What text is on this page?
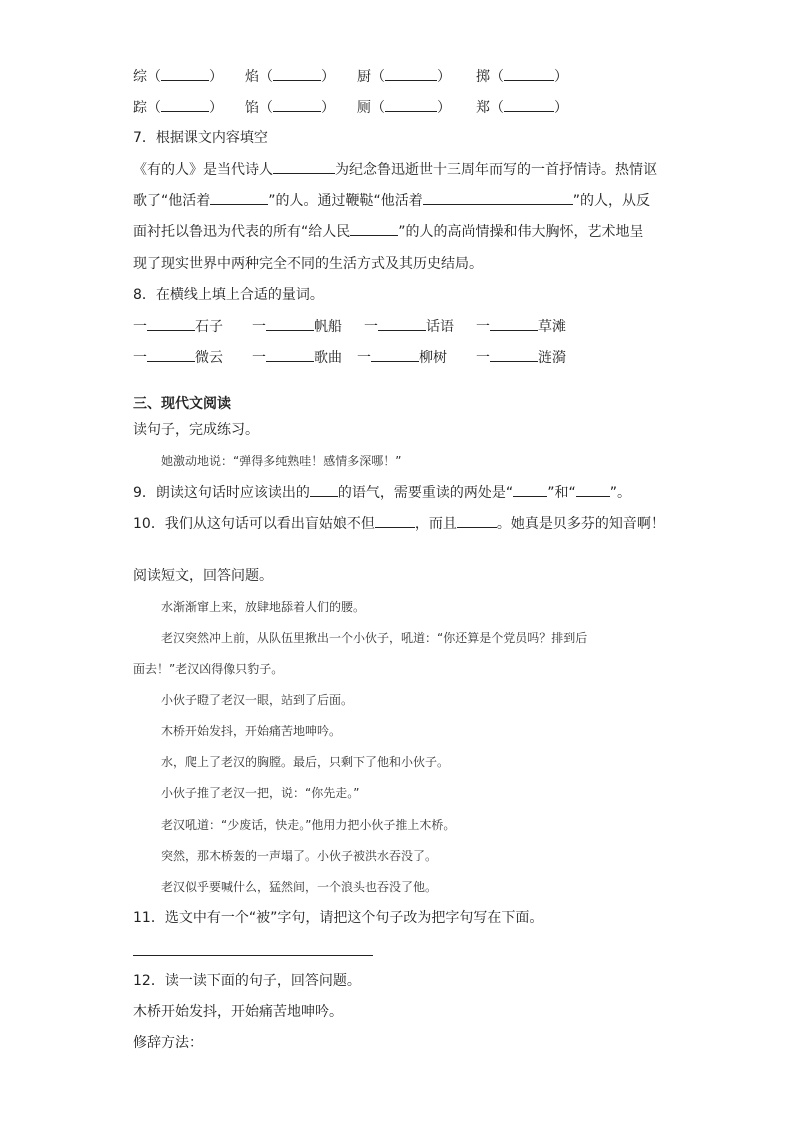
综（	） 焰（	） 厨（	） 掷（	）
踪（	） 馅（	） 厕（	） 郑（	）
7．根据课文内容填空
《有的人》是当代诗人	为纪念鲁迅逝世十三周年而写的一首抒情诗。热情讴
歌了“他活着	”的人。通过鞭鞑“他活着	”的人，从反
面衬托以鲁迅为代表的所有“给人民	”的人的高尚情操和伟大胸怀，艺术地呈
现了现实世界中两种完全不同的生活方式及其历史结局。
8．在横线上填上合适的量词。
一	石子 一	帆船 一	话语 一	草滩
一	微云 一	歌曲 一	柳树 一	涟漪
三、现代文阅读
读句子，完成练习。
她激动地说：“弹得多纯熟哇！感情多深哪！”
9．朗读这句话时应该读出的 的语气，需要重读的两处是“ ”和“ ”。
10．我们从这句话可以看出盲姑娘不但	，而且	。她真是贝多芬的知音啊！
阅读短文，回答问题。
水渐渐窜上来，放肆地舔着人们的腰。
老汉突然冲上前，从队伍里揪出一个小伙子，吼道：“你还算是个党员吗？排到后
面去！”老汉凶得像只豹子。
小伙子瞪了老汉一眼，站到了后面。
木桥开始发抖，开始痛苦地呻吟。
水，爬上了老汉的胸膛。最后，只剩下了他和小伙子。
小伙子推了老汉一把，说：“你先走。”
老汉吼道：“少废话，快走。”他用力把小伙子推上木桥。
突然，那木桥轰的一声塌了。小伙子被洪水吞没了。
老汉似乎要喊什么，猛然间，一个浪头也吞没了他。
11．选文中有一个“被”字句，请把这个句子改为把字句写在下面。
12．读一读下面的句子，回答问题。
木桥开始发抖，开始痛苦地呻吟。
修辞方法：
